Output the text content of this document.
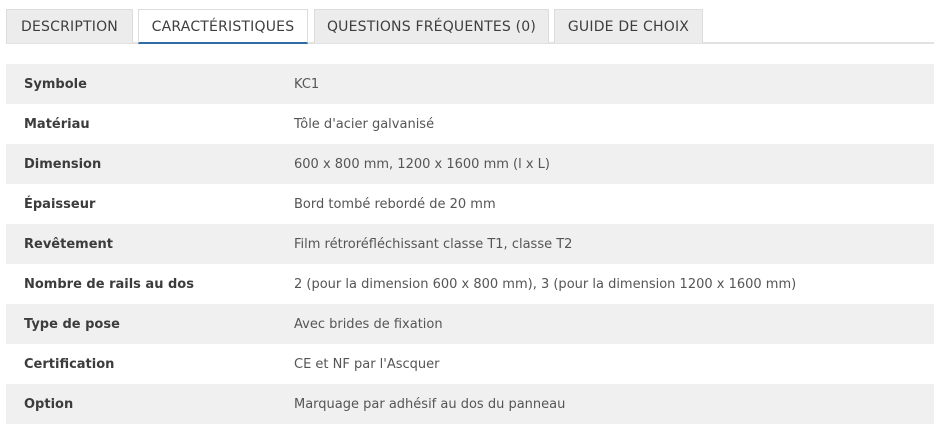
DESCRIPTION	CARACTÉRISTIQUES	QUESTIONS FRÉQUENTES (0)	GUIDE DE CHOIX
Symbole	KC1
Matériau	Tôle d'acier galvanisé
Dimension	600 x 800 mm, 1200 x 1600 mm (l x L)
Épaisseur	Bord tombé rebordé de 20 mm
Revêtement	Film rétroréfléchissant classe T1, classe T2
Nombre de rails au dos	2 (pour la dimension 600 x 800 mm), 3 (pour la dimension 1200 x 1600 mm)
Type de pose	Avec brides de fixation
Certification	CE et NF par l'Ascquer
Option	Marquage par adhésif au dos du panneau
